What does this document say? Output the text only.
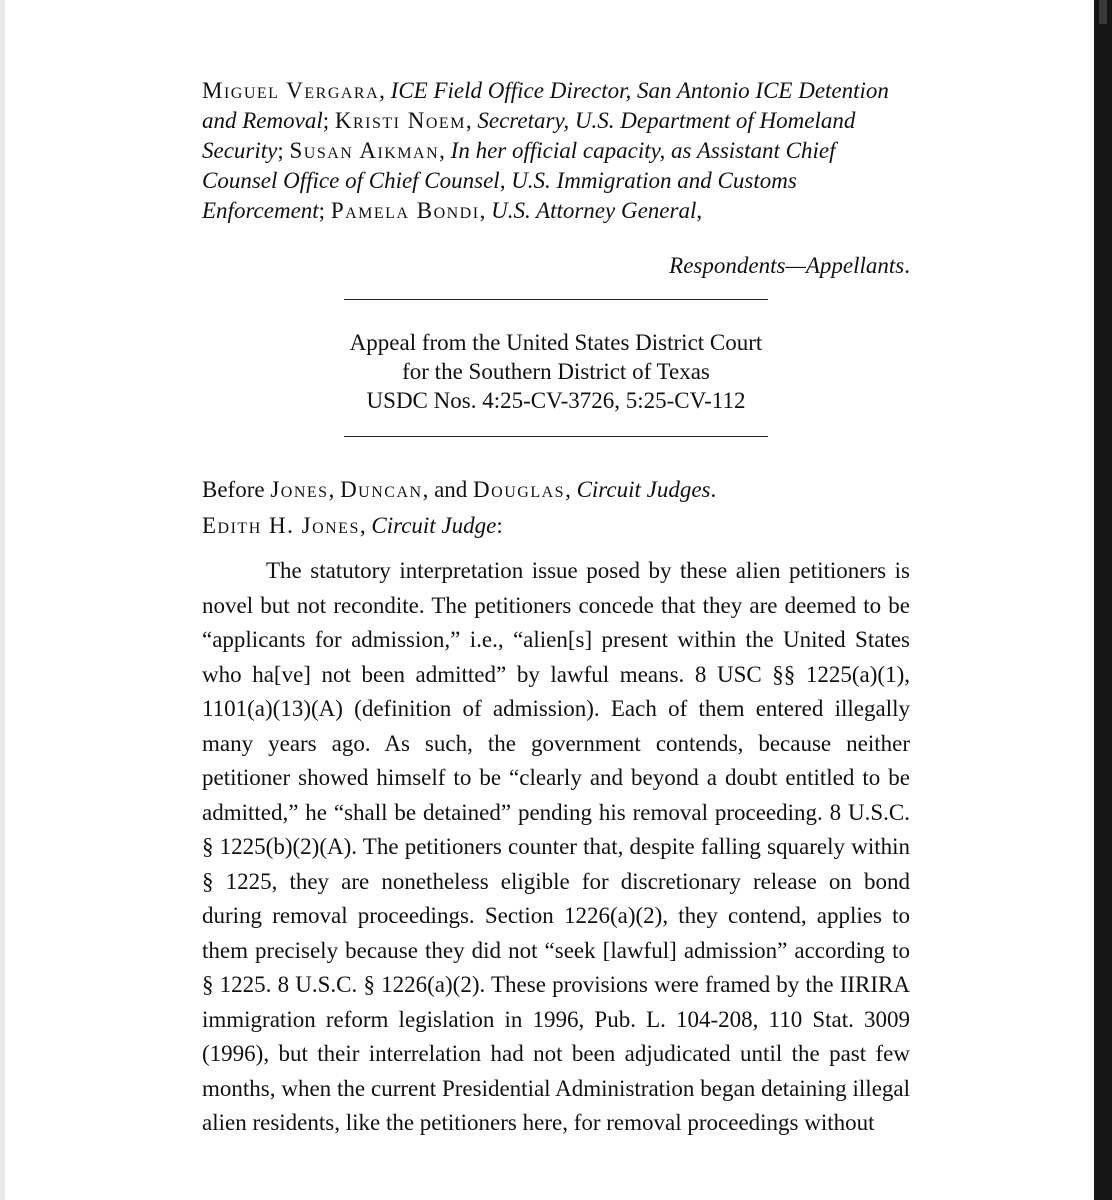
Miguel Vergara, ICE Field Office Director, San Antonio ICE Detention and Removal; Kristi Noem, Secretary, U.S. Department of Homeland Security; Susan Aikman, In her official capacity, as Assistant Chief Counsel Office of Chief Counsel, U.S. Immigration and Customs Enforcement; Pamela Bondi, U.S. Attorney General,

Respondents—Appellants.
Appeal from the United States District Court
for the Southern District of Texas
USDC Nos. 4:25-CV-3726, 5:25-CV-112
Before Jones, Duncan, and Douglas, Circuit Judges.
Edith H. Jones, Circuit Judge:
The statutory interpretation issue posed by these alien petitioners is novel but not recondite. The petitioners concede that they are deemed to be “applicants for admission,” i.e., “alien[s] present within the United States who ha[ve] not been admitted” by lawful means. 8 USC §§ 1225(a)(1), 1101(a)(13)(A) (definition of admission). Each of them entered illegally many years ago. As such, the government contends, because neither petitioner showed himself to be “clearly and beyond a doubt entitled to be admitted,” he “shall be detained” pending his removal proceeding. 8 U.S.C. § 1225(b)(2)(A). The petitioners counter that, despite falling squarely within § 1225, they are nonetheless eligible for discretionary release on bond during removal proceedings. Section 1226(a)(2), they contend, applies to them precisely because they did not “seek [lawful] admission” according to § 1225. 8 U.S.C. § 1226(a)(2). These provisions were framed by the IIRIRA immigration reform legislation in 1996, Pub. L. 104-208, 110 Stat. 3009 (1996), but their interrelation had not been adjudicated until the past few months, when the current Presidential Administration began detaining illegal alien residents, like the petitioners here, for removal proceedings without
